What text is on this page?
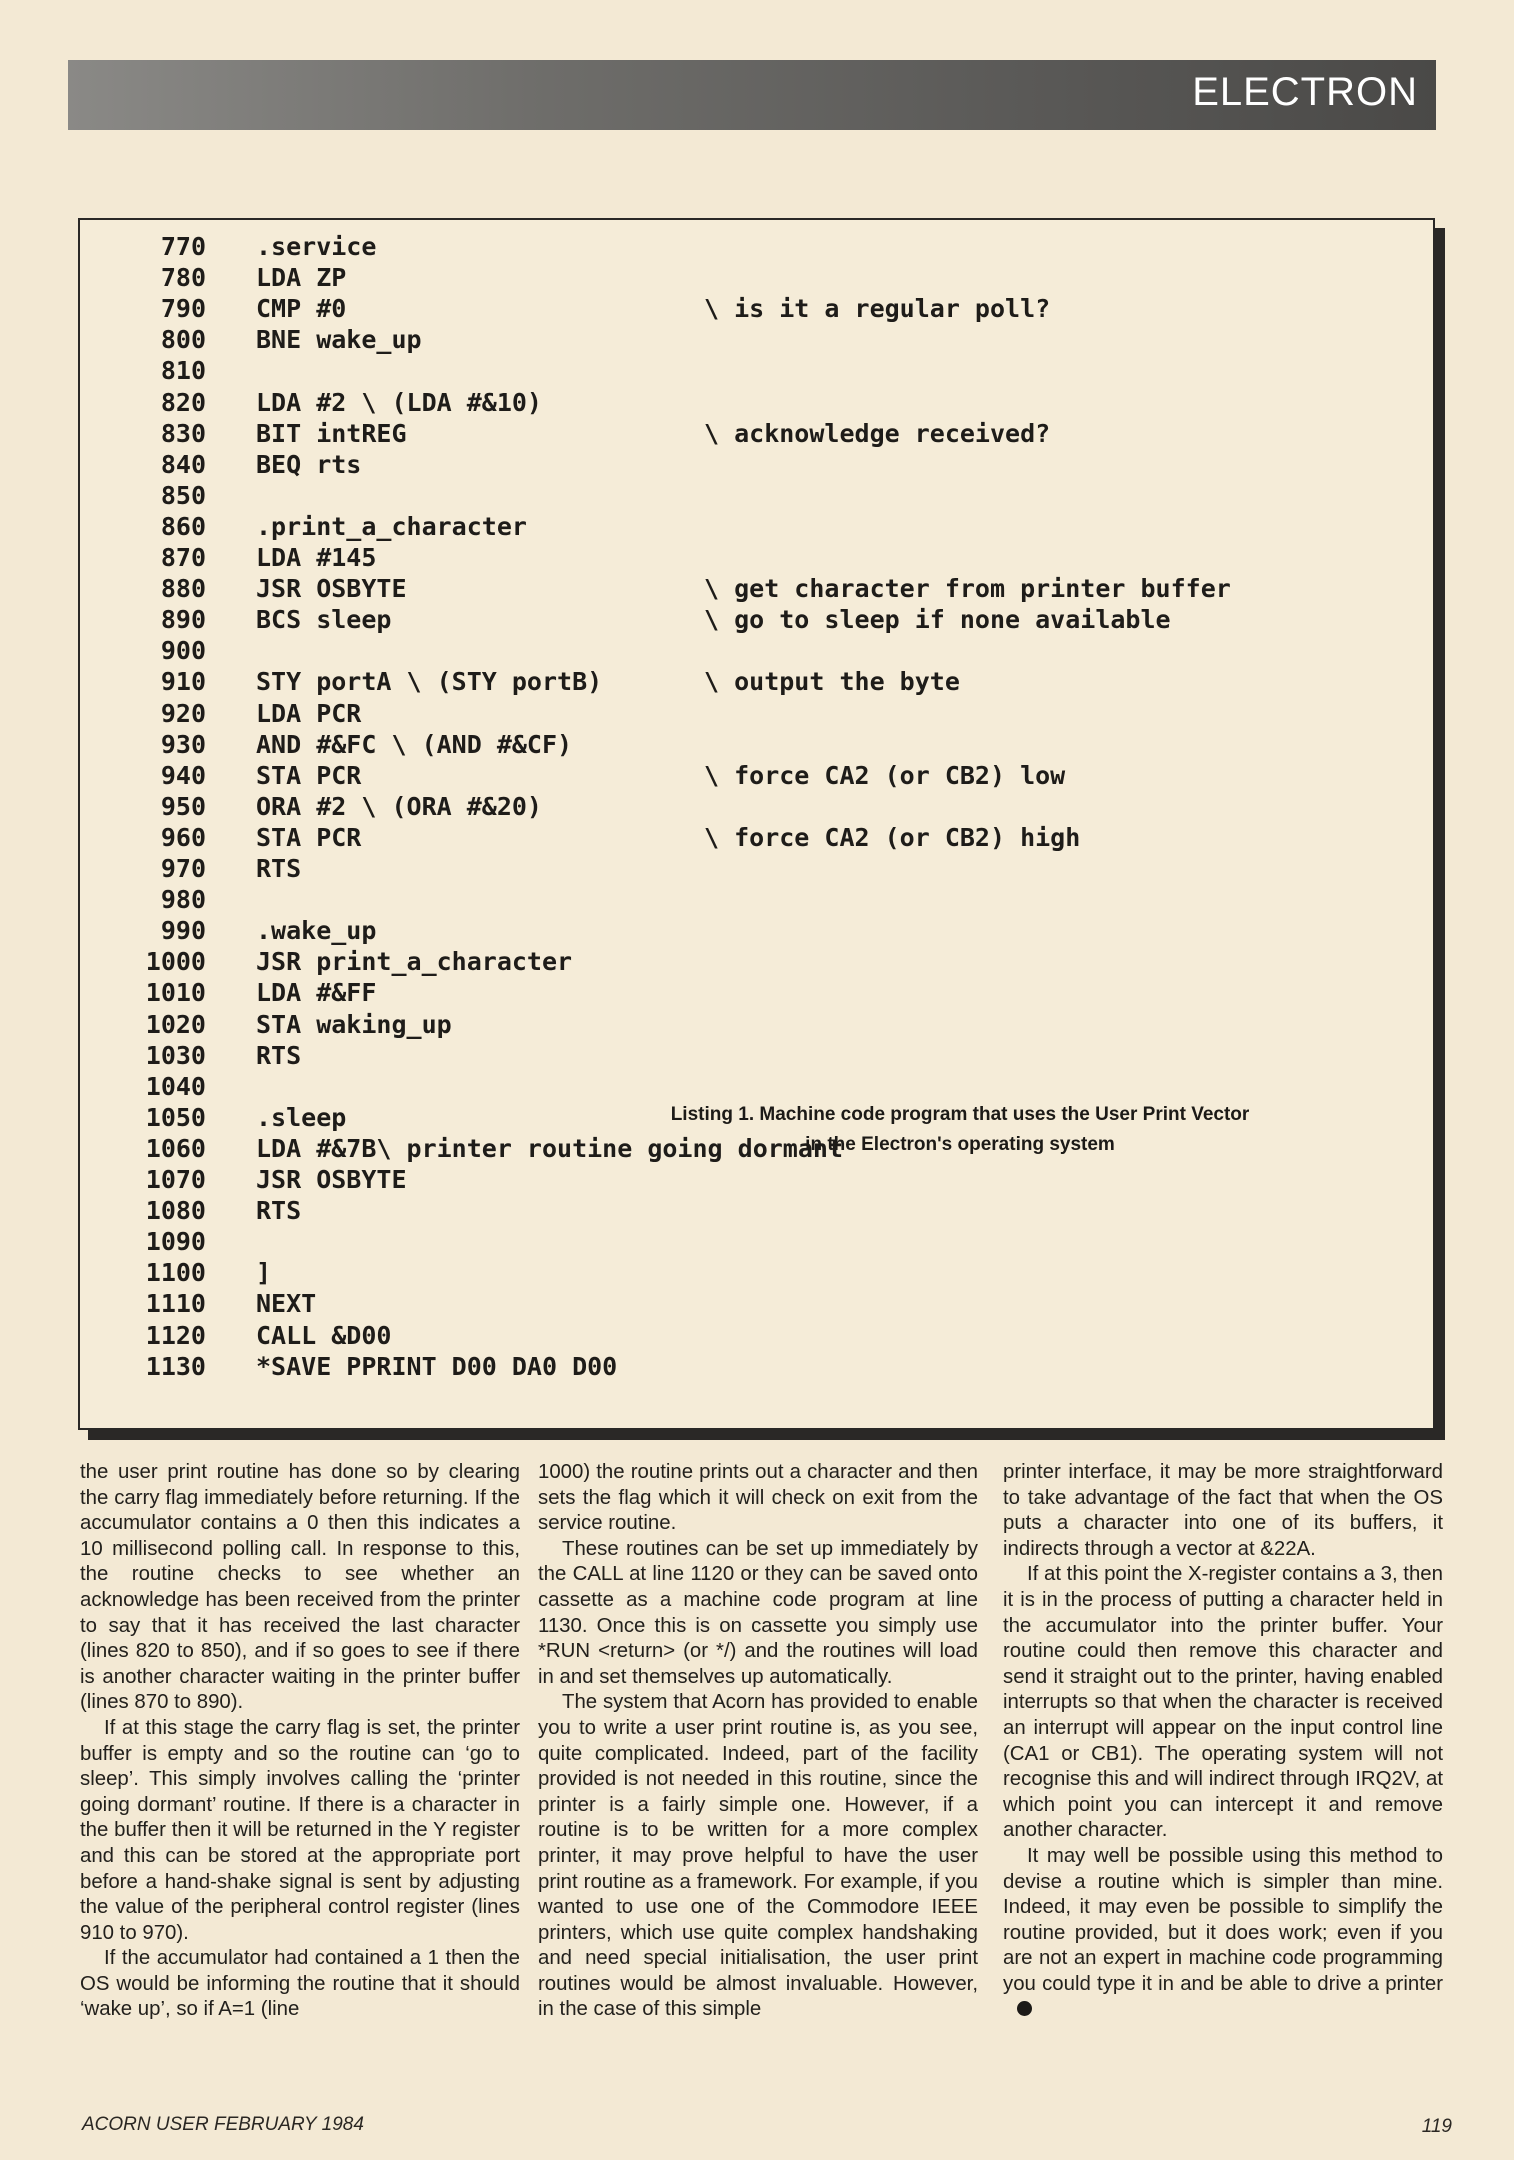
ELECTRON
770 .service
780 LDA ZP
790 CMP #0	\ is it a regular poll?
800 BNE wake_up
810
820 LDA #2 \ (LDA #&10)
830 BIT intREG	\ acknowledge received?
840 BEQ rts
850
860 .print_a_character
870 LDA #145
880 JSR OSBYTE	\ get character from printer buffer
890 BCS sleep	\ go to sleep if none available
900
910 STY portA \ (STY portB)	\ output the byte
920 LDA PCR
930 AND #&FC \ (AND #&CF)
940 STA PCR	\ force CA2 (or CB2) low
950 ORA #2 \ (ORA #&20)
960 STA PCR	\ force CA2 (or CB2) high
970 RTS
980
990 .wake_up
1000 JSR print_a_character
1010 LDA #&FF
1020 STA waking_up
1030 RTS
1040
1050 .sleep
1060 LDA #&7B\ printer routine going dormant
1070 JSR OSBYTE
1080 RTS
1090
1100 ]
1110 NEXT
1120 CALL &D00
1130 *SAVE PPRINT D00 DA0 D00
Listing 1. Machine code program that uses the User Print Vector
in the Electron's operating system

the user print routine has done so by clearing the carry flag immediately before returning. If the accumulator contains a 0 then this indicates a 10 millisecond polling call. In response to this, the routine checks to see whether an acknowledge has been received from the printer to say that it has received the last character (lines 820 to 850), and if so goes to see if there is another character waiting in the printer buffer (lines 870 to 890).

If at this stage the carry flag is set, the printer buffer is empty and so the routine can ‘go to sleep’. This simply involves calling the ‘printer going dormant’ routine. If there is a character in the buffer then it will be returned in the Y register and this can be stored at the appropriate port before a hand-shake signal is sent by adjusting the value of the peripheral control register (lines 910 to 970).

If the accumulator had contained a 1 then the OS would be informing the routine that it should ‘wake up’, so if A=1 (line

1000) the routine prints out a character and then sets the flag which it will check on exit from the service routine.

These routines can be set up immediately by the CALL at line 1120 or they can be saved onto cassette as a machine code program at line 1130. Once this is on cassette you simply use *RUN <return> (or */) and the routines will load in and set themselves up automatically.

The system that Acorn has provided to enable you to write a user print routine is, as you see, quite complicated. Indeed, part of the facility provided is not needed in this routine, since the printer is a fairly simple one. However, if a routine is to be written for a more complex printer, it may prove helpful to have the user print routine as a framework. For example, if you wanted to use one of the Commodore IEEE printers, which use quite complex handshaking and need special initialisation, the user print routines would be almost invaluable. However, in the case of this simple

printer interface, it may be more straightforward to take advantage of the fact that when the OS puts a character into one of its buffers, it indirects through a vector at &22A.

If at this point the X-register contains a 3, then it is in the process of putting a character held in the accumulator into the printer buffer. Your routine could then remove this character and send it straight out to the printer, having enabled interrupts so that when the character is received an interrupt will appear on the input control line (CA1 or CB1). The operating system will not recognise this and will indirect through IRQ2V, at which point you can intercept it and remove another character.

It may well be possible using this method to devise a routine which is simpler than mine. Indeed, it may even be possible to simplify the routine provided, but it does work; even if you are not an expert in machine code programming you could type it in and be able to drive a printer

ACORN USER FEBRUARY 1984	119
